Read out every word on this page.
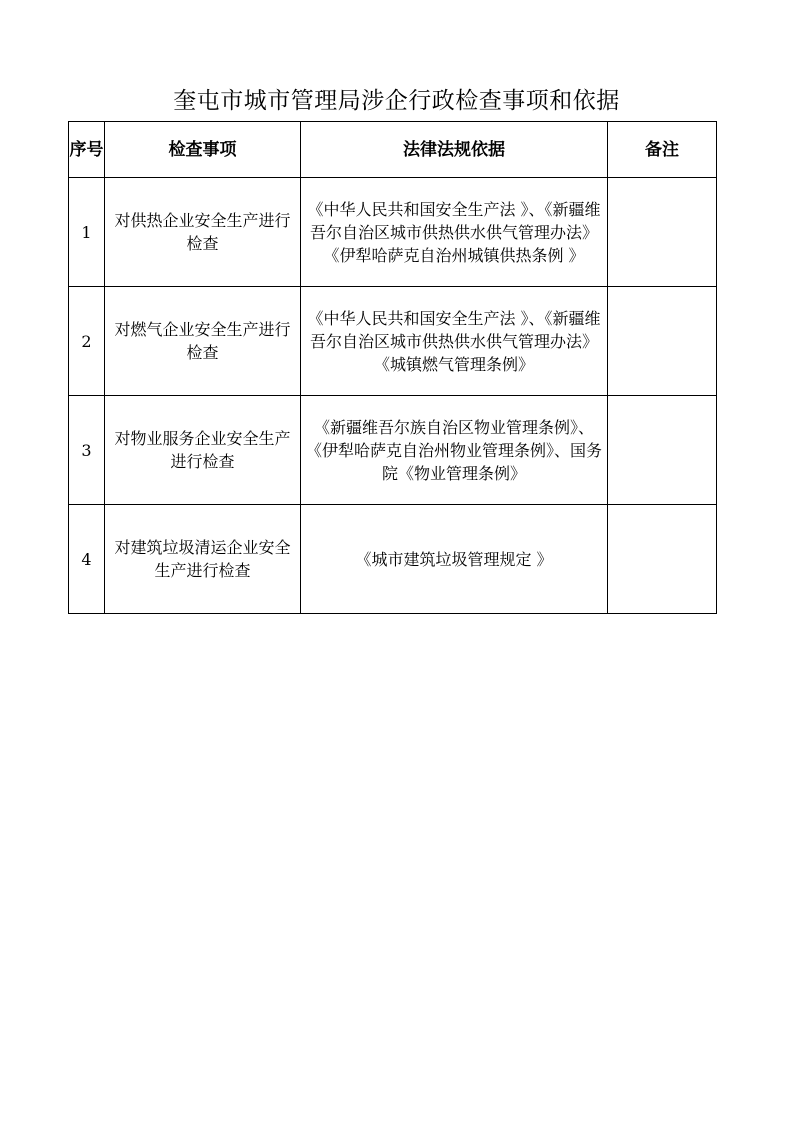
奎屯市城市管理局涉企行政检查事项和依据
序号	检查事项	法律法规依据	备注
1	对供热企业安全生产进行检查	《中华人民共和国安全生产法 》、《新疆维吾尔自治区城市供热供水供气管理办法》《伊犁哈萨克自治州城镇供热条例 》	
2	对燃气企业安全生产进行检查	《中华人民共和国安全生产法 》、《新疆维吾尔自治区城市供热供水供气管理办法》《城镇燃气管理条例》	
3	对物业服务企业安全生产进行检查	《新疆维吾尔族自治区物业管理条例》、《伊犁哈萨克自治州物业管理条例》、国务院《物业管理条例》	
4	对建筑垃圾清运企业安全生产进行检查	《城市建筑垃圾管理规定 》	
